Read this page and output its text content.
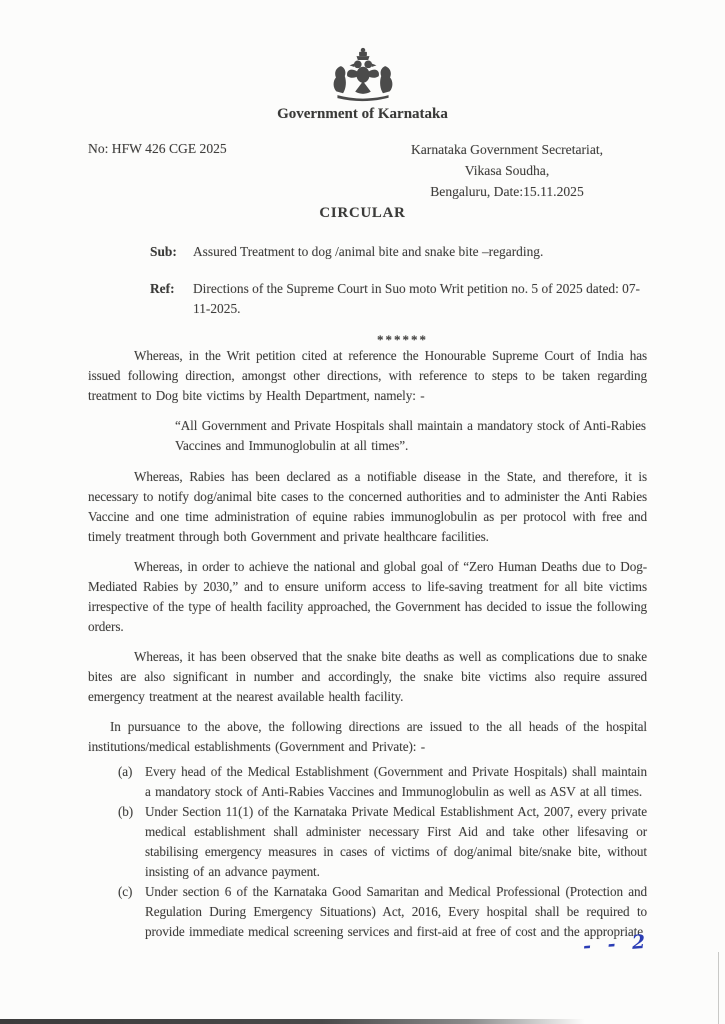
Government of Karnataka
No: HFW 426 CGE 2025	Karnataka Government Secretariat,
Vikasa Soudha,
Bengaluru, Date:15.11.2025
CIRCULAR
Sub:	Assured Treatment to dog /animal bite and snake bite –regarding.
Ref:	Directions of the Supreme Court in Suo moto Writ petition no. 5 of 2025 dated: 07-11-2025.
******

Whereas, in the Writ petition cited at reference the Honourable Supreme Court of India has issued following direction, amongst other directions, with reference to steps to be taken regarding treatment to Dog bite victims by Health Department, namely: -

“All Government and Private Hospitals shall maintain a mandatory stock of Anti-Rabies Vaccines and Immunoglobulin at all times”.

Whereas, Rabies has been declared as a notifiable disease in the State, and therefore, it is necessary to notify dog/animal bite cases to the concerned authorities and to administer the Anti Rabies Vaccine and one time administration of equine rabies immunoglobulin as per protocol with free and timely treatment through both Government and private healthcare facilities.

Whereas, in order to achieve the national and global goal of “Zero Human Deaths due to Dog-Mediated Rabies by 2030,” and to ensure uniform access to life-saving treatment for all bite victims irrespective of the type of health facility approached, the Government has decided to issue the following orders.

Whereas, it has been observed that the snake bite deaths as well as complications due to snake bites are also significant in number and accordingly, the snake bite victims also require assured emergency treatment at the nearest available health facility.

In pursuance to the above, the following directions are issued to the all heads of the hospital institutions/medical establishments (Government and Private): -

(a) Every head of the Medical Establishment (Government and Private Hospitals) shall maintain a mandatory stock of Anti-Rabies Vaccines and Immunoglobulin as well as ASV at all times.
(b) Under Section 11(1) of the Karnataka Private Medical Establishment Act, 2007, every private medical establishment shall administer necessary First Aid and take other lifesaving or stabilising emergency measures in cases of victims of dog/animal bite/snake bite, without insisting of an advance payment.
(c) Under section 6 of the Karnataka Good Samaritan and Medical Professional (Protection and Regulation During Emergency Situations) Act, 2016, Every hospital shall be required to provide immediate medical screening services and first-aid at free of cost and the appropriate
- - 2
